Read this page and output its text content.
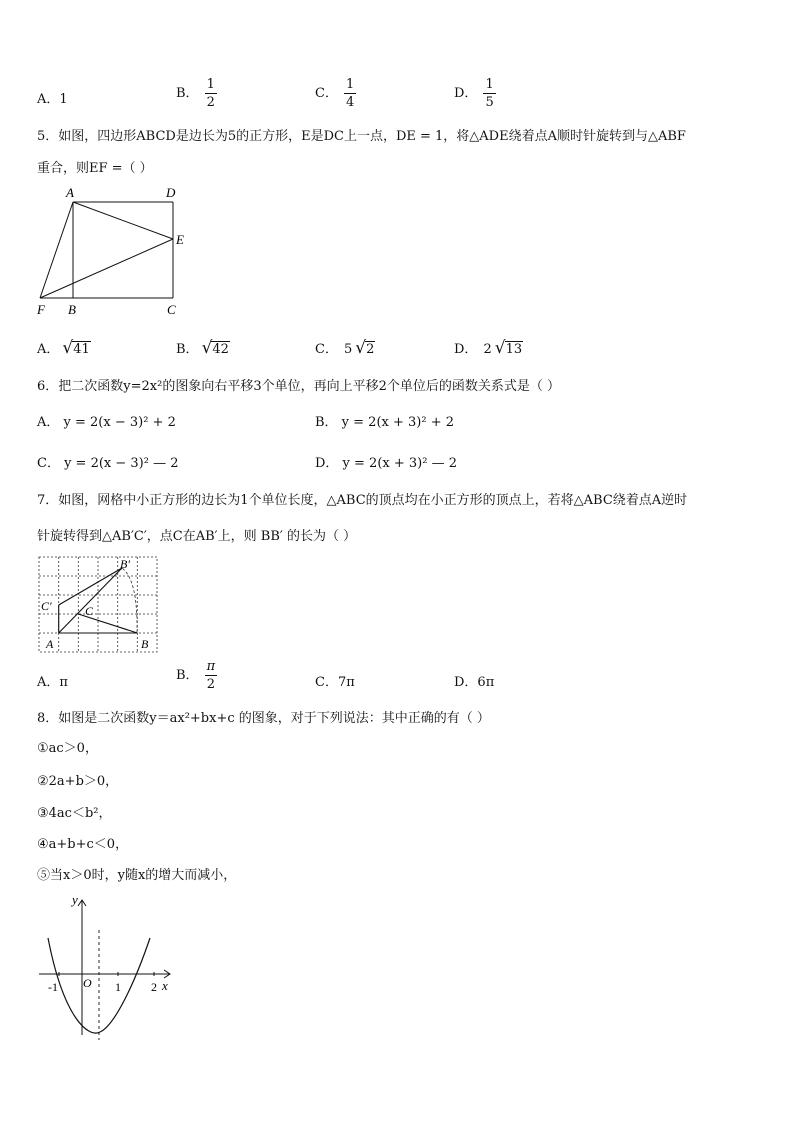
A．1	B． $\frac{1}{2}$	C． $\frac{1}{4}$	D． $\frac{1}{5}$
5．如图，四边形ABCD是边长为5的正方形，E是DC上一点，DE = 1，将△ADE绕着点A顺时针旋转到与△ABF
重合，则EF =（ ）
A	D
E
F B	C
A． √41	B． √42	C． 5 √2	D． 2 √13
6．把二次函数y=2x²的图象向右平移3个单位，再向上平移2个单位后的函数关系式是（ ）
A． y = 2(x − 3)² + 2	B． y = 2(x + 3)² + 2
C． y = 2(x − 3)² — 2	D． y = 2(x + 3)² — 2
7．如图，网格中小正方形的边长为1个单位长度，△ABC的顶点均在小正方形的顶点上，若将△ABC绕着点A逆时
针旋转得到△AB′C′，点C在AB′上，则 BB′ 的长为（ ）
B′
C′	C
A	B
A．π	B． $\frac{\pi}{2}$	C．7π	D．6π
8．如图是二次函数y＝ax²+bx+c 的图象，对于下列说法：其中正确的有（ ）
①ac＞0，
②2a+b＞0，
③4ac＜b²，
④a+b+c＜0，
⑤当x＞0时，y随x的增大而减小，
y
x
-1 O 1	2
